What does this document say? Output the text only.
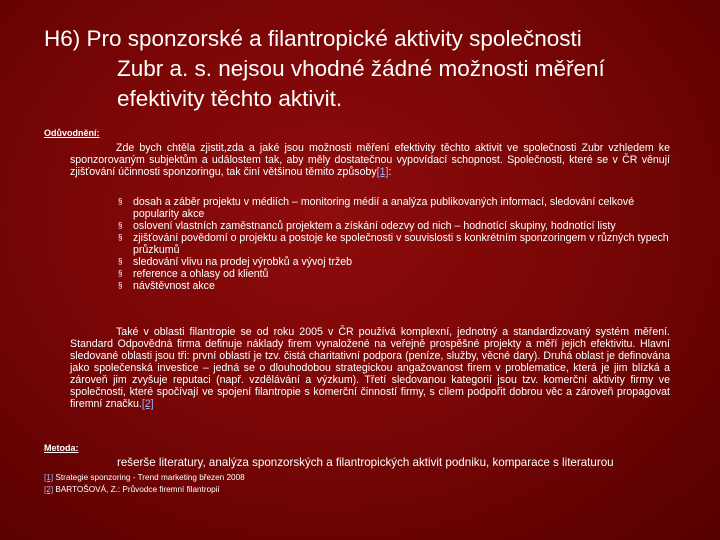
H6) Pro sponzorské a filantropické aktivity společnosti
Zubr a. s. nejsou vhodné žádné možnosti měření
efektivity těchto aktivit.
Odůvodnění:

Zde bych chtěla zjistit,zda a jaké jsou možnosti měření efektivity těchto aktivit ve společnosti Zubr vzhledem ke sponzorovaným subjektům a událostem tak, aby měly dostatečnou vypovídací schopnost. Společnosti, které se v ČR věnují zjišťování účinnosti sponzoringu, tak činí většinou těmito způsoby[1]:

§ dosah a záběr projektu v médiích – monitoring médií a analýza publikovaných informací, sledování celkové popularity akce
§ oslovení vlastních zaměstnanců projektem a získání odezvy od nich – hodnotící skupiny, hodnotící listy
§ zjišťování povědomí o projektu a postoje ke společnosti v souvislosti s konkrétním sponzoringem v různých typech průzkumů
§ sledování vlivu na prodej výrobků a vývoj tržeb
§ reference a ohlasy od klientů
§ návštěvnost akce

Také v oblasti filantropie se od roku 2005 v ČR používá komplexní, jednotný a standardizovaný systém měření. Standard Odpovědná firma definuje náklady firem vynaložené na veřejně prospěšné projekty a měří jejich efektivitu. Hlavní sledované oblasti jsou tři: první oblastí je tzv. čistá charitativní podpora (peníze, služby, věcné dary). Druhá oblast je definována jako společenská investice – jedná se o dlouhodobou strategickou angažovanost firem v problematice, která je jim blízká a zároveň jim zvyšuje reputaci (např. vzdělávání a výzkum). Třetí sledovanou kategorií jsou tzv. komerční aktivity firmy ve společnosti, které spočívají ve spojení filantropie s komerční činností firmy, s cílem podpořit dobrou věc a zároveň propagovat firemní značku.[2]

Metoda:
rešerše literatury, analýza sponzorských a filantropických aktivit podniku, komparace s literaturou
[1] Strategie sponzoring - Trend marketing březen 2008
[2] BARTOŠOVÁ, Z.: Průvodce firemní filantropií
